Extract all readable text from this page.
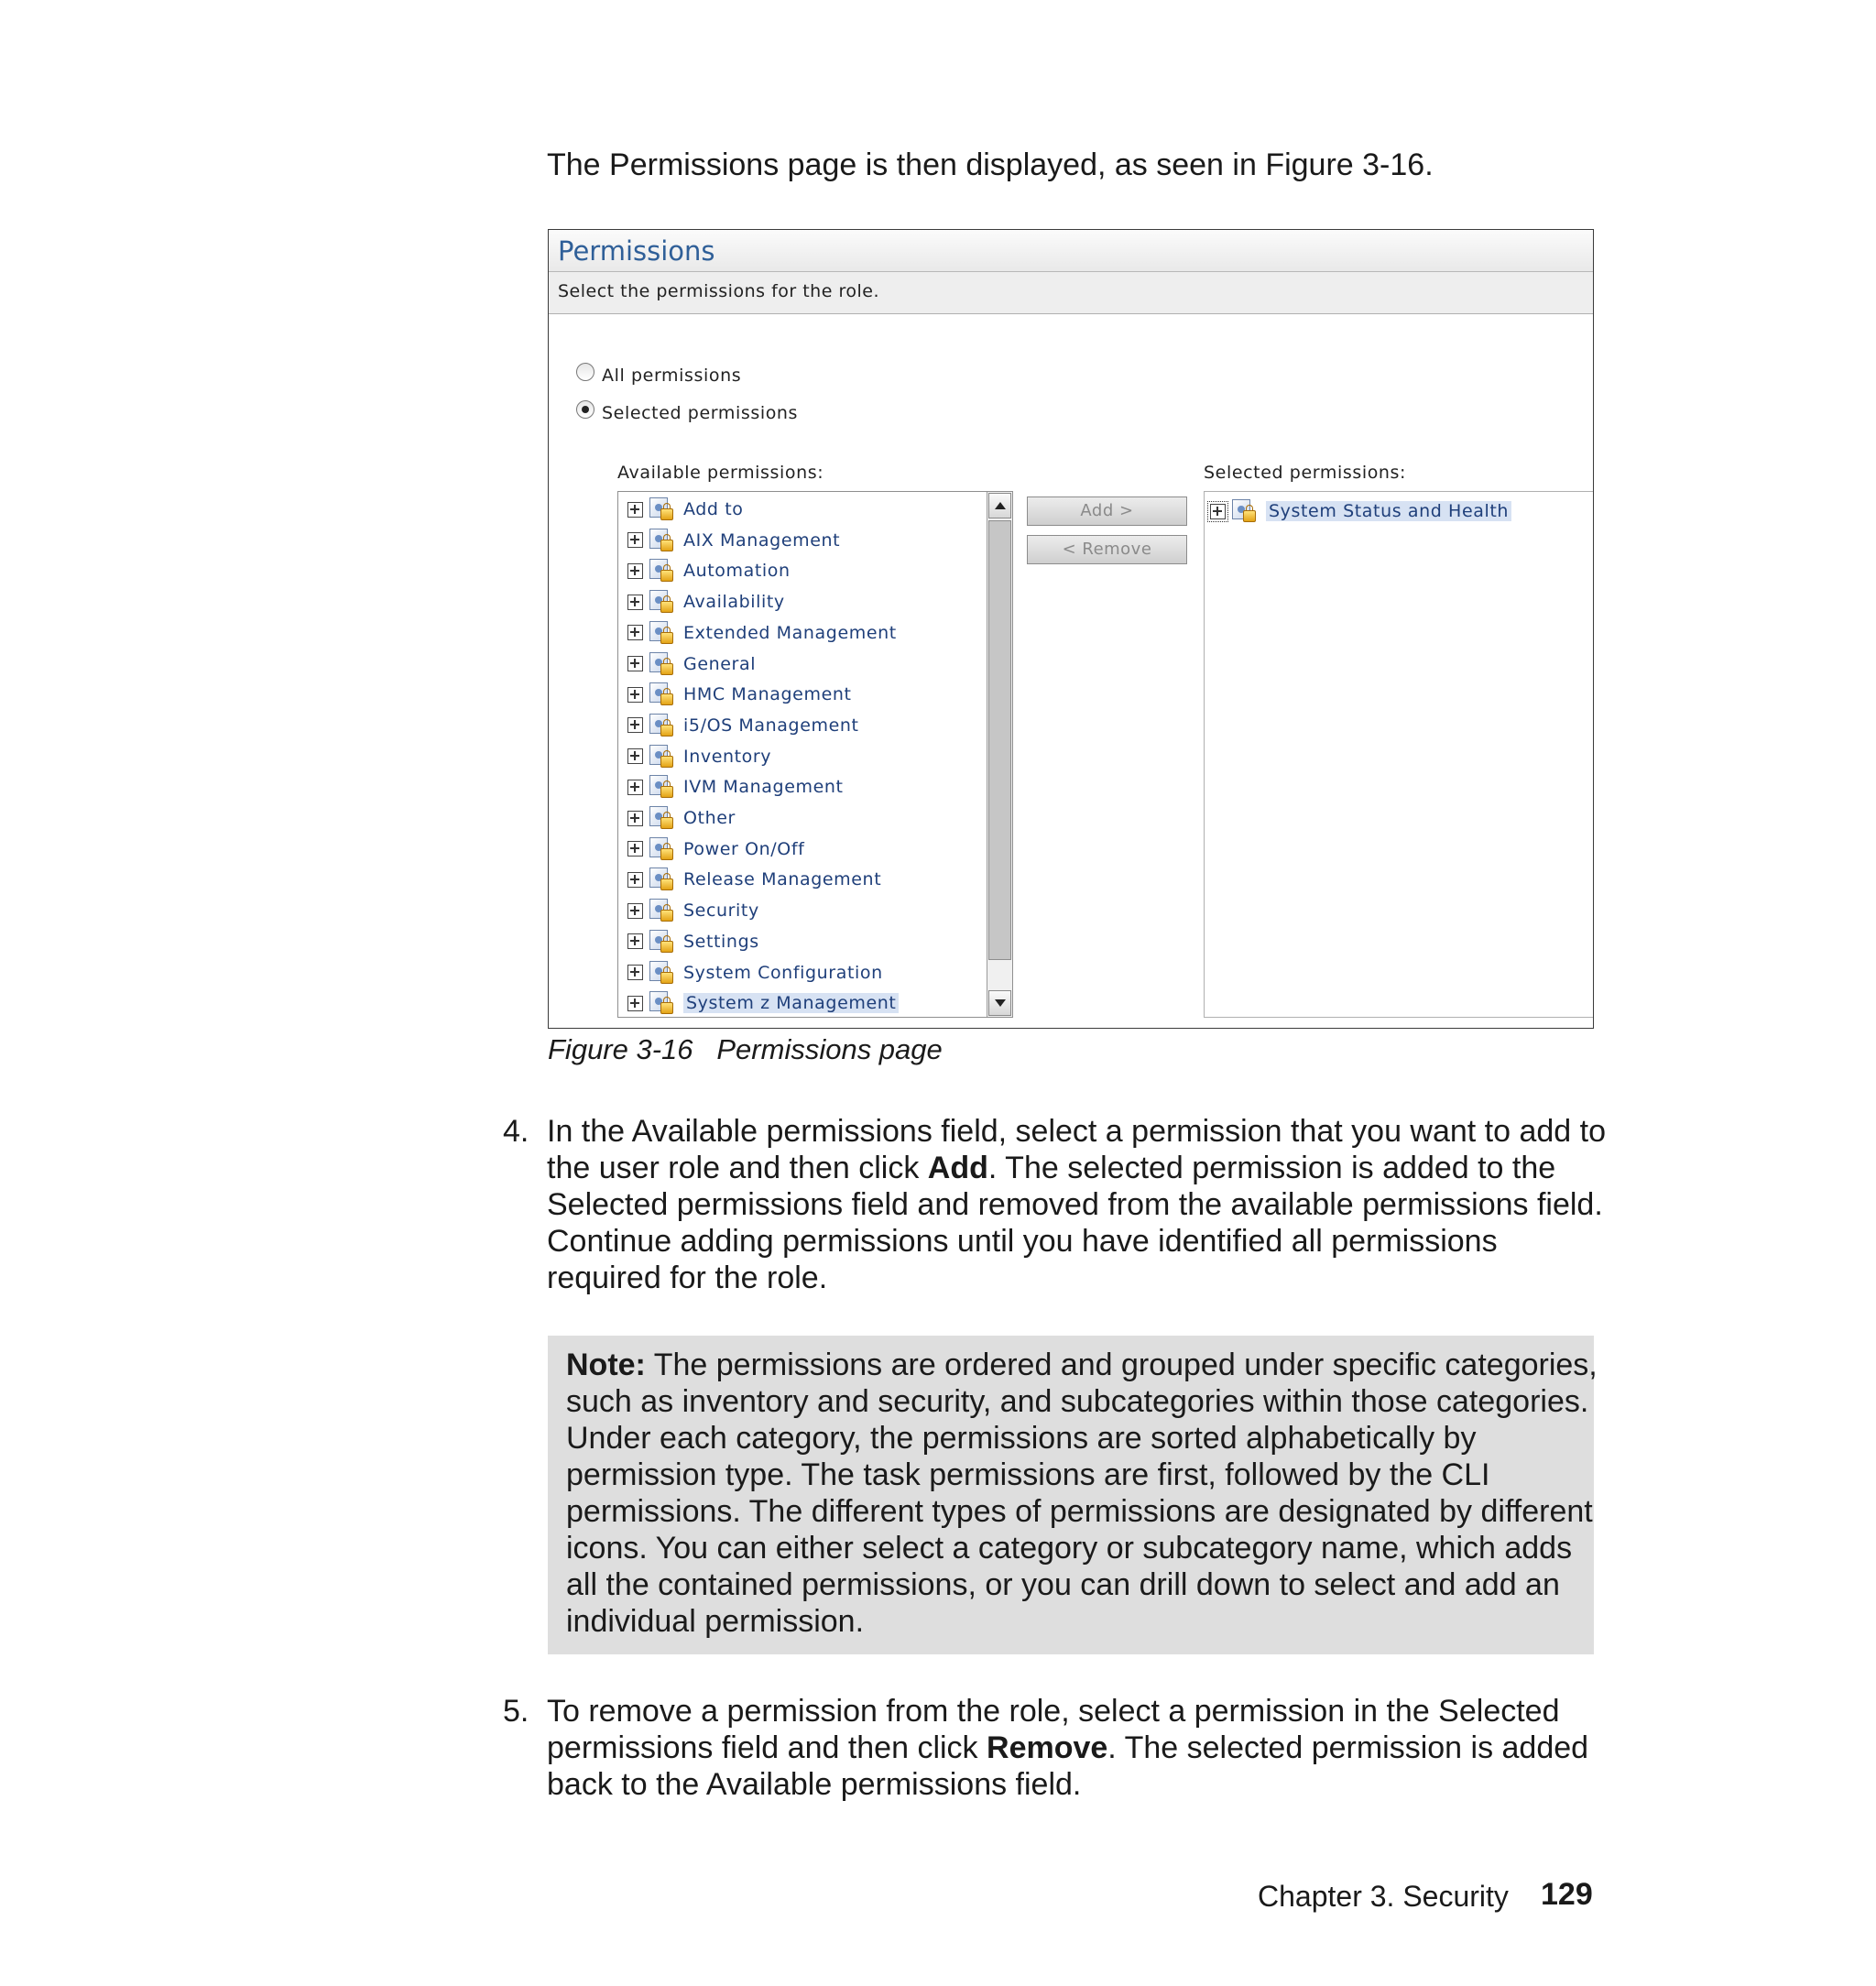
The Permissions page is then displayed, as seen in Figure 3-16.

Permissions
Select the permissions for the role.
All permissions
Selected permissions
Available permissions:	Selected permissions:
Add to
AIX Management
Automation
Availability
Extended Management
General
HMC Management
i5/OS Management
Inventory
IVM Management
Other
Power On/Off
Release Management
Security
Settings
System Configuration
System z Management
Add >
< Remove
System Status and Health

Figure 3-16 Permissions page

4. In the Available permissions field, select a permission that you want to add to

the user role and then click Add. The selected permission is added to the

Selected permissions field and removed from the available permissions field.

Continue adding permissions until you have identified all permissions

required for the role.

Note: The permissions are ordered and grouped under specific categories,

such as inventory and security, and subcategories within those categories.

Under each category, the permissions are sorted alphabetically by

permission type. The task permissions are first, followed by the CLI

permissions. The different types of permissions are designated by different

icons. You can either select a category or subcategory name, which adds

all the contained permissions, or you can drill down to select and add an

individual permission.

5. To remove a permission from the role, select a permission in the Selected

permissions field and then click Remove. The selected permission is added

back to the Available permissions field.

Chapter 3. Security 129
